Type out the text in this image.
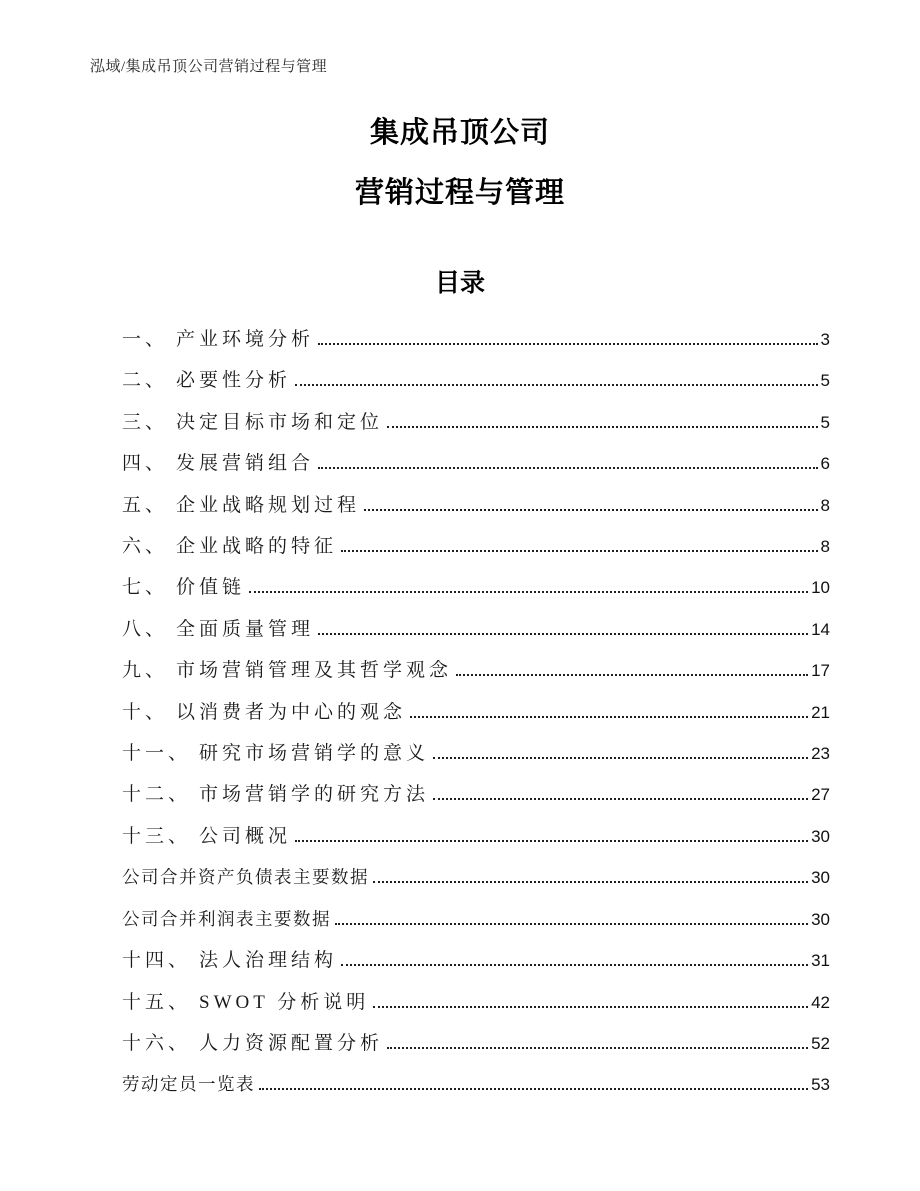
泓域/集成吊顶公司营销过程与管理
集成吊顶公司
营销过程与管理
目录
一、 产业环境分析	3
二、 必要性分析	5
三、 决定目标市场和定位	5
四、 发展营销组合	6
五、 企业战略规划过程	8
六、 企业战略的特征	8
七、 价值链	10
八、 全面质量管理	14
九、 市场营销管理及其哲学观念	17
十、 以消费者为中心的观念	21
十一、 研究市场营销学的意义	23
十二、 市场营销学的研究方法	27
十三、 公司概况	30
公司合并资产负债表主要数据	30
公司合并利润表主要数据	30
十四、 法人治理结构	31
十五、 SWOT 分析说明	42
十六、 人力资源配置分析	52
劳动定员一览表	53
